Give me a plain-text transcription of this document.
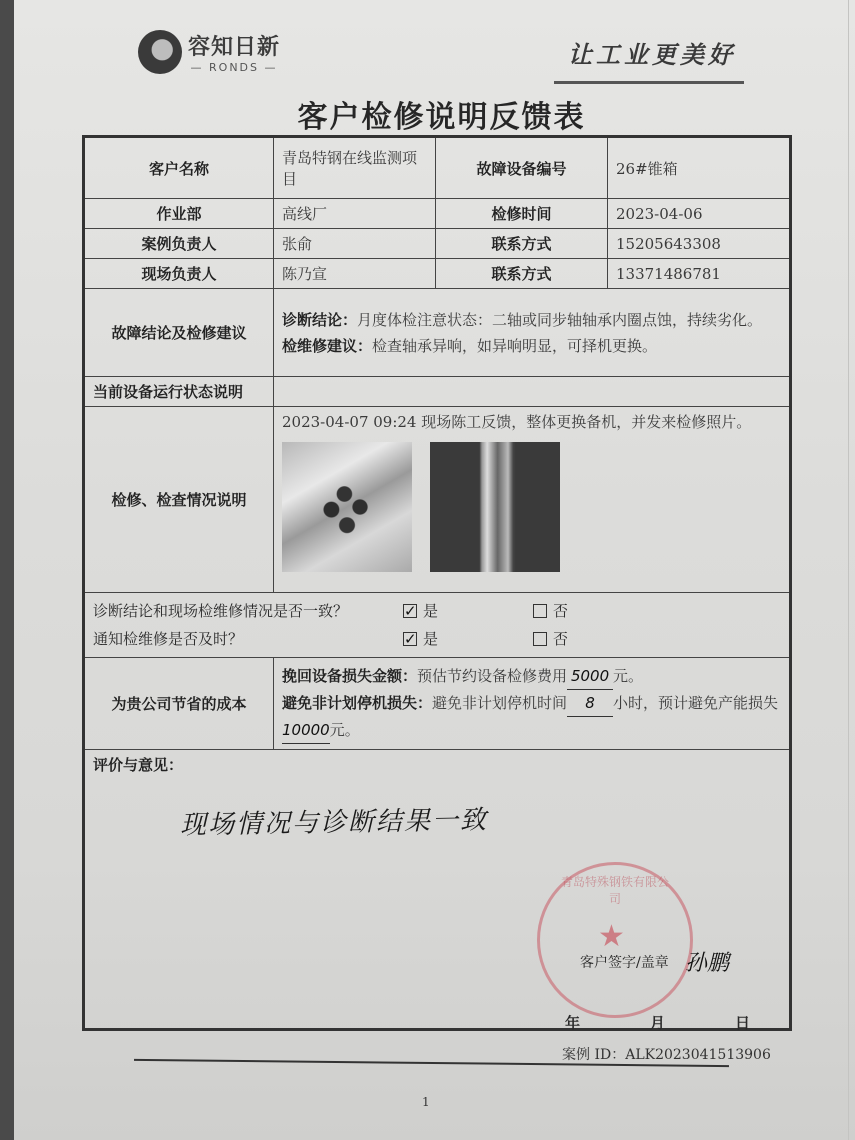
容知日新
— RONDS —	让工业更美好
客户检修说明反馈表
客户名称	青岛特钢在线监测项目	故障设备编号	26#锥箱
作业部	高线厂	检修时间	2023-04-06
案例负责人	张俞	联系方式	15205643308
现场负责人	陈乃宣	联系方式	13371486781
故障结论及检修建议	诊断结论：月度体检注意状态：二轴或同步轴轴承内圈点蚀，持续劣化。
检维修建议：检查轴承异响，如异响明显，可择机更换。		

当前设备运行状态说明			
检修、检查情况说明	2023-04-07 09:24 现场陈工反馈，整体更换备机，并发来检修照片。		

诊断结论和现场检维修情况是否一致？ ✓	是	否
通知检维修是否及时？ ✓	是	否

为贵公司节省的成本	挽回设备损失金额：预估节约设备检修费用 5000 元。
避免非计划停机损失：避免非计划停机时间 8 小时，预计避免产能损失10000元。		

评价与意见：
现场情况与诊断结果一致
青岛特殊钢铁有限公司
★
客户签字/盖章 孙鹏
年	月	日
案例 ID：ALK2023041513906
1
